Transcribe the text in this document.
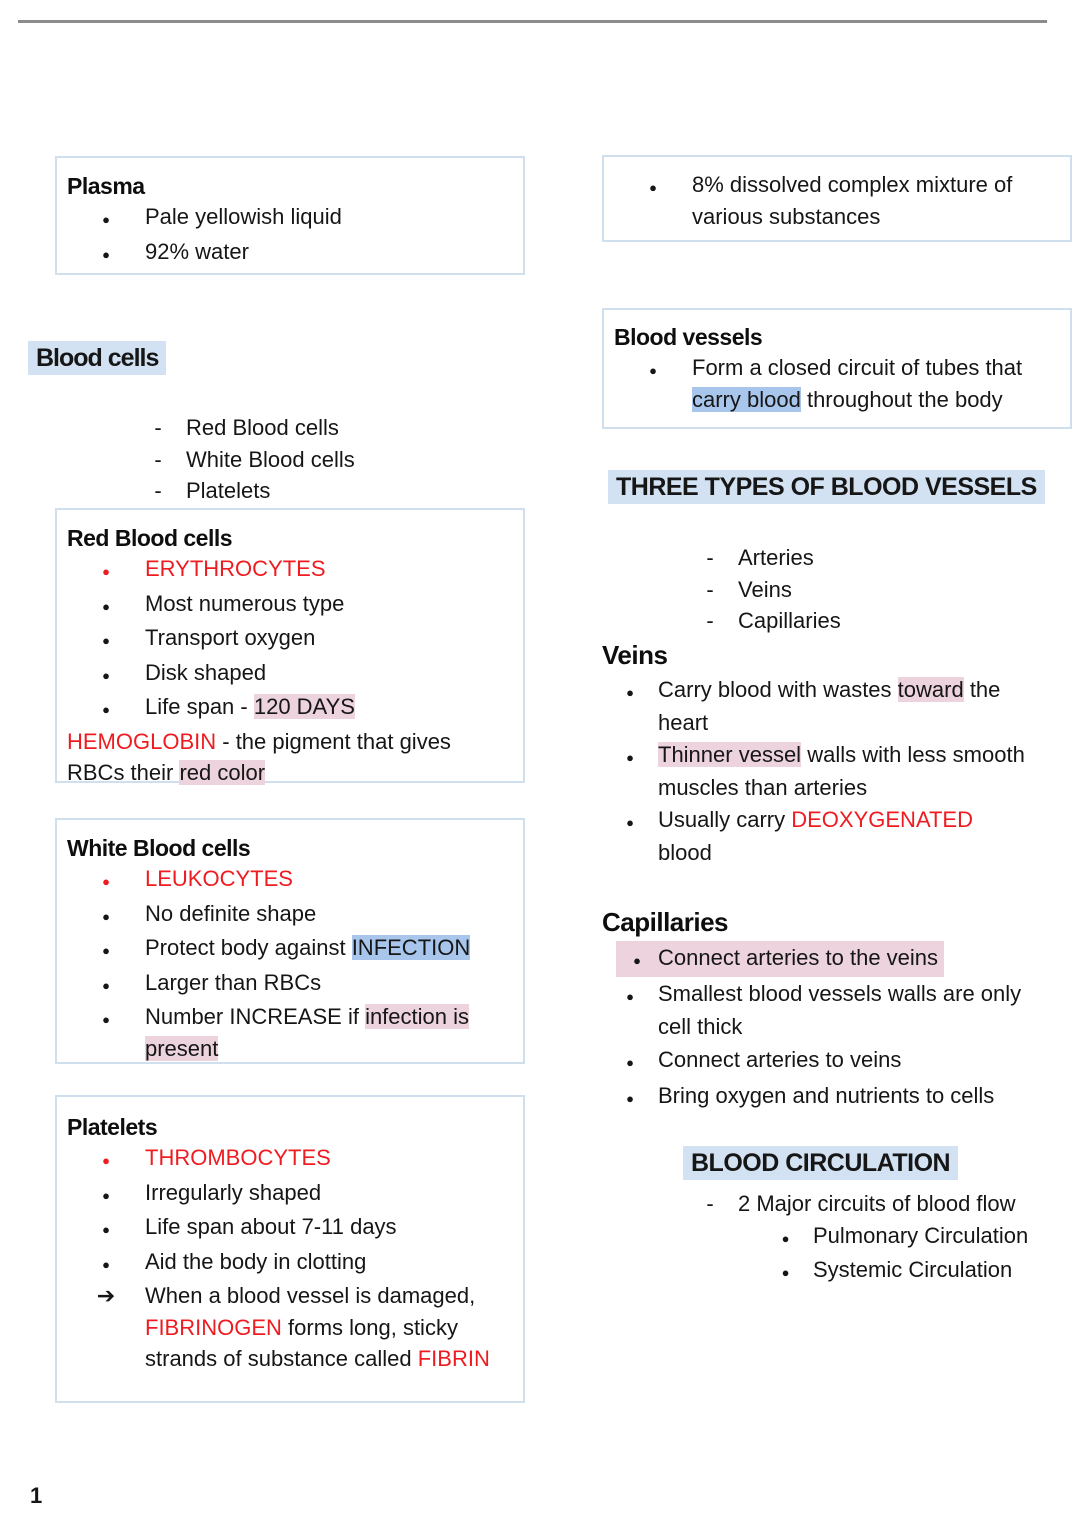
Plasma
●	Pale yellowish liquid
●	92% water
●	8% dissolved complex mixture of various substances
Blood cells
-	Red Blood cells
-	White Blood cells
-	Platelets
Red Blood cells
●	ERYTHROCYTES
●	Most numerous type
●	Transport oxygen
●	Disk shaped
●	Life span - 120 DAYS
HEMOGLOBIN - the pigment that gives RBCs their red color
Blood vessels
●	Form a closed circuit of tubes that carry blood throughout the body
THREE TYPES OF BLOOD VESSELS
-	Arteries
-	Veins
-	Capillaries
Veins
●	Carry blood with wastes toward the heart
●	Thinner vessel walls with less smooth muscles than arteries
●	Usually carry DEOXYGENATED blood
White Blood cells
●	LEUKOCYTES
●	No definite shape
●	Protect body against INFECTION
●	Larger than RBCs
●	Number INCREASE if infection is present
Capillaries
● Connect arteries to the veins
●	Smallest blood vessels walls are only cell thick
●	Connect arteries to veins
●	Bring oxygen and nutrients to cells
Platelets
●	THROMBOCYTES
●	Irregularly shaped
●	Life span about 7-11 days
●	Aid the body in clotting
➔	When a blood vessel is damaged, FIBRINOGEN forms long, sticky strands of substance called FIBRIN
BLOOD CIRCULATION
-	2 Major circuits of blood flow
●	Pulmonary Circulation
●	Systemic Circulation
1
